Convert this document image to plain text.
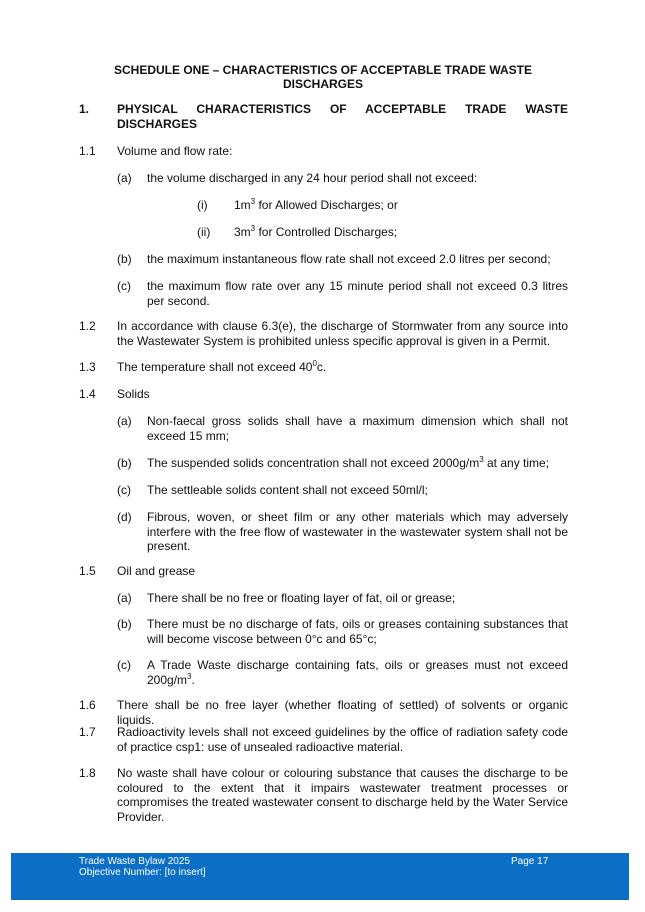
SCHEDULE ONE – CHARACTERISTICS OF ACCEPTABLE TRADE WASTE DISCHARGES
1. PHYSICAL CHARACTERISTICS OF ACCEPTABLE TRADE WASTE DISCHARGES
1.1 Volume and flow rate:
(a) the volume discharged in any 24 hour period shall not exceed:
(i) $1m^3$ for Allowed Discharges; or
(ii) $3m^3$ for Controlled Discharges;
(b) the maximum instantaneous flow rate shall not exceed 2.0 litres per second;
(c) the maximum flow rate over any 15 minute period shall not exceed 0.3 litres per second.
1.2 In accordance with clause 6.3(e), the discharge of Stormwater from any source into the Wastewater System is prohibited unless specific approval is given in a Permit.
1.3 The temperature shall not exceed $40^0c$.
1.4 Solids
(a) Non-faecal gross solids shall have a maximum dimension which shall not exceed 15 mm;
(b) The suspended solids concentration shall not exceed $2000g/m^3$ at any time;
(c) The settleable solids content shall not exceed 50ml/l;
(d) Fibrous, woven, or sheet film or any other materials which may adversely interfere with the free flow of wastewater in the wastewater system shall not be present.
1.5 Oil and grease
(a) There shall be no free or floating layer of fat, oil or grease;
(b) There must be no discharge of fats, oils or greases containing substances that will become viscose between 0°c and 65°c;
(c) A Trade Waste discharge containing fats, oils or greases must not exceed $200g/m^3$.
1.6 There shall be no free layer (whether floating of settled) of solvents or organic liquids.
1.7 Radioactivity levels shall not exceed guidelines by the office of radiation safety code of practice csp1: use of unsealed radioactive material.
1.8 No waste shall have colour or colouring substance that causes the discharge to be coloured to the extent that it impairs wastewater treatment processes or compromises the treated wastewater consent to discharge held by the Water Service Provider.
Trade Waste Bylaw 2025
Objective Number: [to insert]
Page 17
